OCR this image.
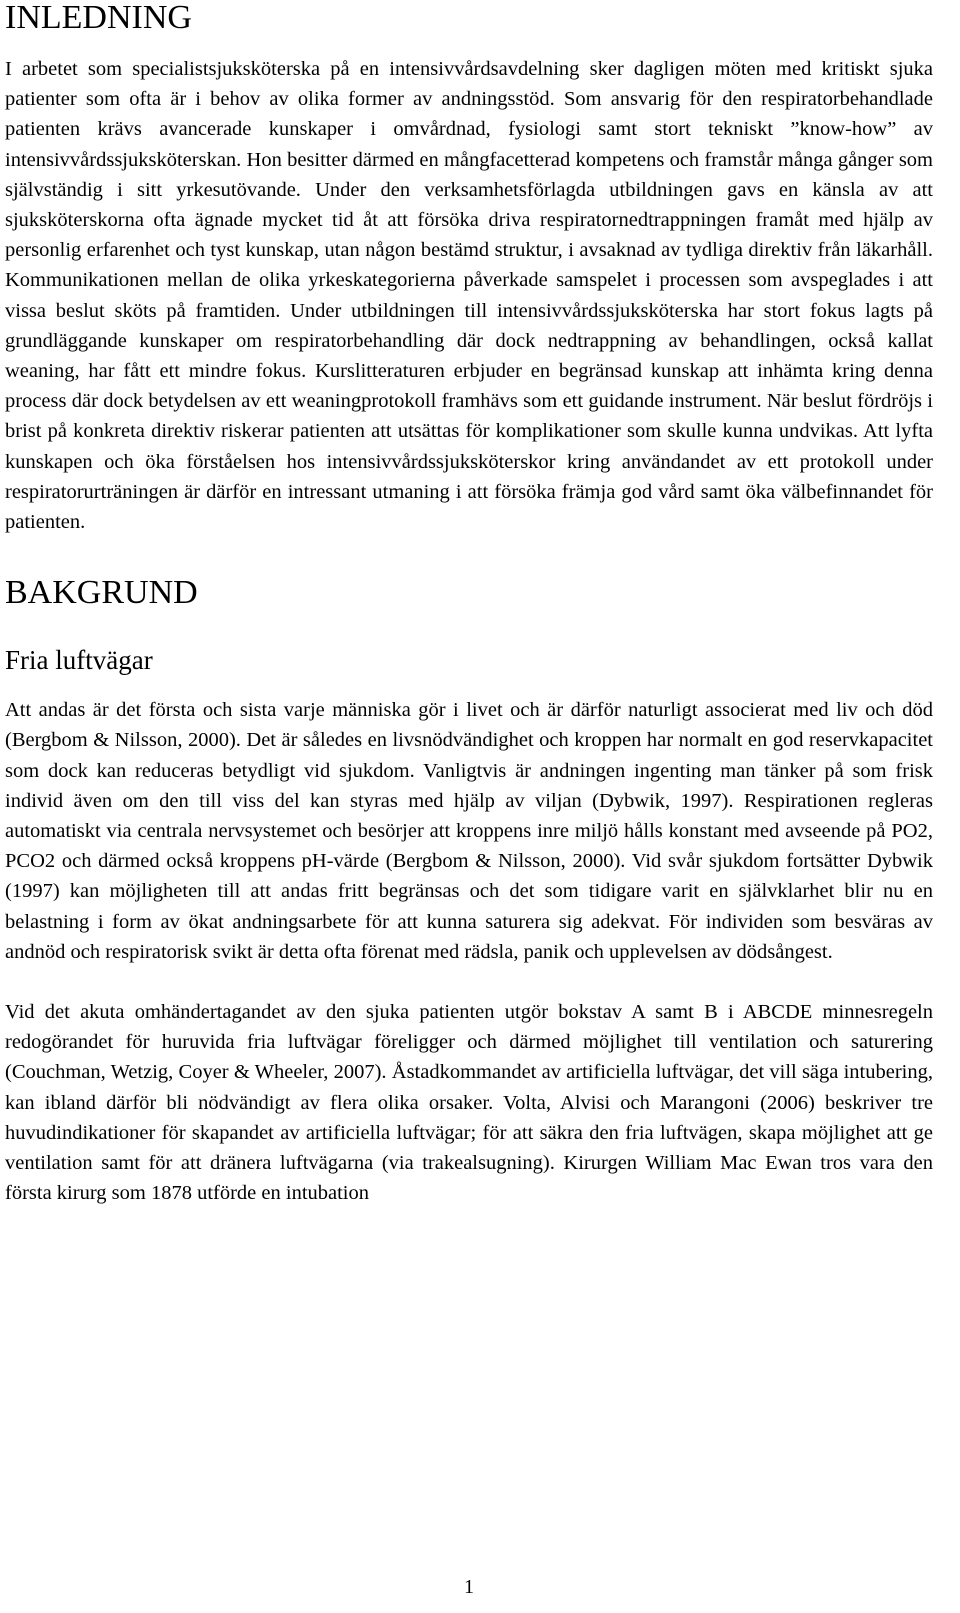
INLEDNING

I arbetet som specialistsjuksköterska på en intensivvårdsavdelning sker dagligen möten med kritiskt sjuka patienter som ofta är i behov av olika former av andningsstöd. Som ansvarig för den respiratorbehandlade patienten krävs avancerade kunskaper i omvårdnad, fysiologi samt stort tekniskt ”know-how” av intensivvårdssjuksköterskan. Hon besitter därmed en mångfacetterad kompetens och framstår många gånger som självständig i sitt yrkesutövande. Under den verksamhetsförlagda utbildningen gavs en känsla av att sjuksköterskorna ofta ägnade mycket tid åt att försöka driva respiratornedtrappningen framåt med hjälp av personlig erfarenhet och tyst kunskap, utan någon bestämd struktur, i avsaknad av tydliga direktiv från läkarhåll. Kommunikationen mellan de olika yrkeskategorierna påverkade samspelet i processen som avspeglades i att vissa beslut sköts på framtiden. Under utbildningen till intensivvårdssjuksköterska har stort fokus lagts på grundläggande kunskaper om respiratorbehandling där dock nedtrappning av behandlingen, också kallat weaning, har fått ett mindre fokus. Kurslitteraturen erbjuder en begränsad kunskap att inhämta kring denna process där dock betydelsen av ett weaningprotokoll framhävs som ett guidande instrument. När beslut fördröjs i brist på konkreta direktiv riskerar patienten att utsättas för komplikationer som skulle kunna undvikas. Att lyfta kunskapen och öka förståelsen hos intensivvårdssjuksköterskor kring användandet av ett protokoll under respiratorurträningen är därför en intressant utmaning i att försöka främja god vård samt öka välbefinnandet för patienten.

BAKGRUND
Fria luftvägar

Att andas är det första och sista varje människa gör i livet och är därför naturligt associerat med liv och död (Bergbom & Nilsson, 2000). Det är således en livsnödvändighet och kroppen har normalt en god reservkapacitet som dock kan reduceras betydligt vid sjukdom. Vanligtvis är andningen ingenting man tänker på som frisk individ även om den till viss del kan styras med hjälp av viljan (Dybwik, 1997). Respirationen regleras automatiskt via centrala nervsystemet och besörjer att kroppens inre miljö hålls konstant med avseende på PO2, PCO2 och därmed också kroppens pH-värde (Bergbom & Nilsson, 2000). Vid svår sjukdom fortsätter Dybwik (1997) kan möjligheten till att andas fritt begränsas och det som tidigare varit en självklarhet blir nu en belastning i form av ökat andningsarbete för att kunna saturera sig adekvat. För individen som besväras av andnöd och respiratorisk svikt är detta ofta förenat med rädsla, panik och upplevelsen av dödsångest.

Vid det akuta omhändertagandet av den sjuka patienten utgör bokstav A samt B i ABCDE minnesregeln redogörandet för huruvida fria luftvägar föreligger och därmed möjlighet till ventilation och saturering (Couchman, Wetzig, Coyer & Wheeler, 2007). Åstadkommandet av artificiella luftvägar, det vill säga intubering, kan ibland därför bli nödvändigt av flera olika orsaker. Volta, Alvisi och Marangoni (2006) beskriver tre huvudindikationer för skapandet av artificiella luftvägar; för att säkra den fria luftvägen, skapa möjlighet att ge ventilation samt för att dränera luftvägarna (via trakealsugning). Kirurgen William Mac Ewan tros vara den första kirurg som 1878 utförde en intubation

1
